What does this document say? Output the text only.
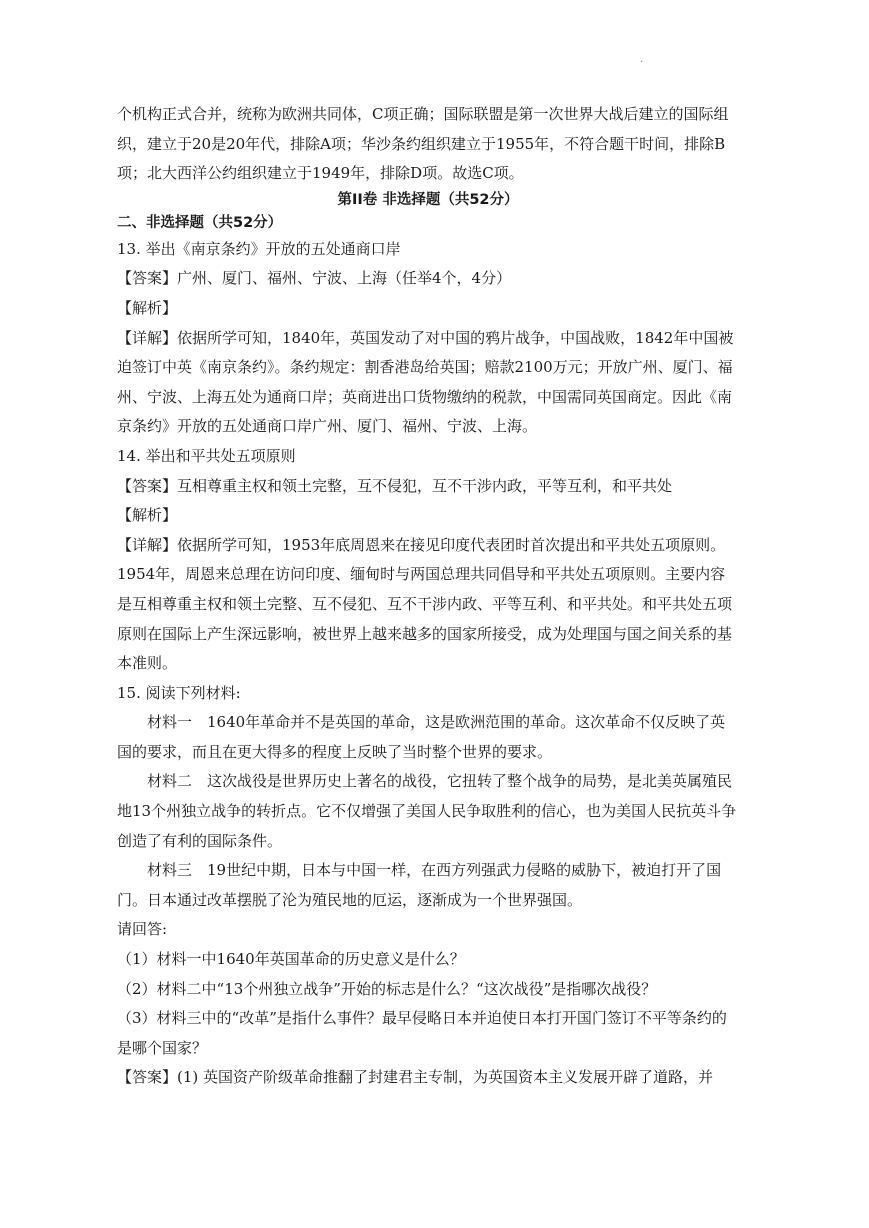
.

个机构正式合并，统称为欧洲共同体，C项正确；国际联盟是第一次世界大战后建立的国际组织，建立于20是20年代，排除A项；华沙条约组织建立于1955年，不符合题干时间，排除B项；北大西洋公约组织建立于1949年，排除D项。故选C项。

第II卷 非选择题（共52分）

二、非选择题（共52分）

13. 举出《南京条约》开放的五处通商口岸

【答案】广州、厦门、福州、宁波、上海（任举4个，4分）

【解析】

【详解】依据所学可知，1840年，英国发动了对中国的鸦片战争，中国战败，1842年中国被迫签订中英《南京条约》。条约规定：割香港岛给英国；赔款2100万元；开放广州、厦门、福州、宁波、上海五处为通商口岸；英商进出口货物缴纳的税款，中国需同英国商定。因此《南京条约》开放的五处通商口岸广州、厦门、福州、宁波、上海。

14. 举出和平共处五项原则

【答案】互相尊重主权和领土完整，互不侵犯，互不干涉内政，平等互利，和平共处

【解析】

【详解】依据所学可知，1953年底周恩来在接见印度代表团时首次提出和平共处五项原则。1954年，周恩来总理在访问印度、缅甸时与两国总理共同倡导和平共处五项原则。主要内容是互相尊重主权和领土完整、互不侵犯、互不干涉内政、平等互利、和平共处。和平共处五项原则在国际上产生深远影响，被世界上越来越多的国家所接受，成为处理国与国之间关系的基本准则。

15. 阅读下列材料:

材料一　1640年革命并不是英国的革命，这是欧洲范围的革命。这次革命不仅反映了英国的要求，而且在更大得多的程度上反映了当时整个世界的要求。

材料二　这次战役是世界历史上著名的战役，它扭转了整个战争的局势，是北美英属殖民地13个州独立战争的转折点。它不仅增强了美国人民争取胜利的信心，也为美国人民抗英斗争创造了有利的国际条件。

材料三　19世纪中期，日本与中国一样，在西方列强武力侵略的威胁下，被迫打开了国门。日本通过改革摆脱了沦为殖民地的厄运，逐渐成为一个世界强国。

请回答:

（1）材料一中1640年英国革命的历史意义是什么？

（2）材料二中“13个州独立战争”开始的标志是什么？“这次战役”是指哪次战役？

（3）材料三中的“改革”是指什么事件？最早侵略日本并迫使日本打开国门签订不平等条约的是哪个国家？

【答案】(1) 英国资产阶级革命推翻了封建君主专制，为英国资本主义发展开辟了道路，并
